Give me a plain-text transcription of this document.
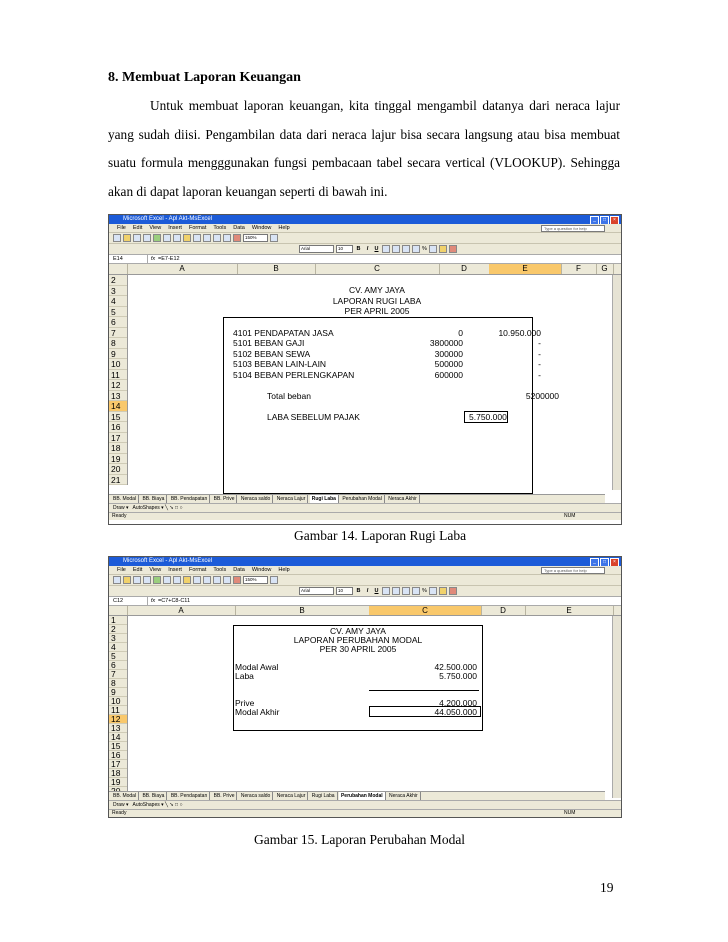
8. Membuat Laporan Keuangan
Untuk membuat laporan keuangan, kita tinggal mengambil datanya dari neraca lajur yang sudah diisi. Pengambilan data dari neraca lajur bisa secara langsung atau bisa membuat suatu formula mengggunakan fungsi pembacaan tabel secara vertical (VLOOKUP). Sehingga akan di dapat laporan keuangan seperti di bawah ini.
Microsoft Excel - Apl Akt-MsExcel	_	□	×
File Edit View Insert Format Tools Data Window Help	Type a question for help
150%
Arial	10	B	I	U	%
E14	fx =E7-E12
A	B	C	D	E	F	G
2
3
4
5
6
7
8
9
10
11
12
13
14
15
16
17
18
19
20
21
CV. AMY JAYA
LAPORAN RUGI LABA
PER APRIL 2005
4101 PENDAPATAN JASA	0	10.950.000
5101 BEBAN GAJI	3800000	-
5102 BEBAN SEWA	300000	-
5103 BEBAN LAIN-LAIN	500000	-
5104 BEBAN PERLENGKAPAN	600000	-
Total beban	5200000
LABA SEBELUM PAJAK	5.750.000
BB. Modal BB. Biaya BB. Pendapatan BB. Prive Neraca saldo Neraca Lajur Rugi Laba Perubahan Modal Neraca Akhir
Draw ▾ AutoShapes ▾ ╲ ➘ □ ○
Ready	NUM
Gambar 14. Laporan Rugi Laba
Microsoft Excel - Apl Akt-MsExcel	_	□	×
File Edit View Insert Format Tools Data Window Help	Type a question for help
150%
Arial	10	B	I	U	%
C12	fx =C7+C8-C11
A	B	C	D	E
1
2
3
4
5
6
7
8
9
10
11
12
13
14
15
16
17
18
19
CV. AMY JAYA
LAPORAN PERUBAHAN MODAL
PER 30 APRIL 2005
Modal Awal	42.500.000
Laba	5.750.000
Prive	4.200.000
Modal Akhir	44.050.000
BB. Modal BB. Biaya BB. Pendapatan BB. Prive Neraca saldo Neraca Lajur Rugi Laba Perubahan Modal Neraca Akhir
Draw ▾ AutoShapes ▾ ╲ ➘ □ ○
Ready	NUM
Gambar 15. Laporan Perubahan Modal
19
